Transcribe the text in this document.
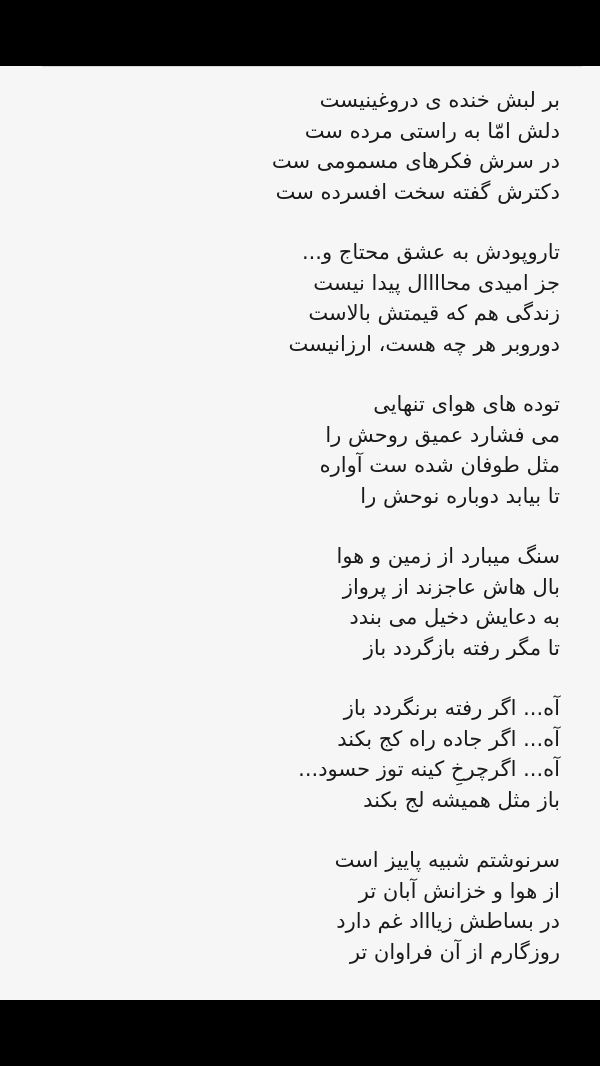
بر لبش خنده ی دروغینیست
دلش امّا به راستی مرده ست
در سرش فکرهای مسمومی ست
دکترش گفته سخت افسرده ست
تاروپودش به عشق محتاج و...
جز امیدی محاااال پیدا نیست
زندگی هم که قیمتش بالاست
دوروبر هر چه هست، ارزانیست
توده های هوای تنهایی
می فشارد عمیق روحش را
مثل طوفان شده ست آواره
تا بیابد دوباره نوحش را
سنگ میبارد از زمین و هوا
بال هاش عاجزند از پرواز
به دعایش دخیل می بندد
تا مگر رفته بازگردد باز
آه... اگر رفته برنگردد باز
آه... اگر جاده راه کج بکند
آه... اگرچرخِ کینه توز حسود...
باز مثل همیشه لج بکند
سرنوشتم شبیه پاییز است
از هوا و خزانش آبان تر
در بساطش زیاااد غم دارد
روزگارم از آن فراوان تر
